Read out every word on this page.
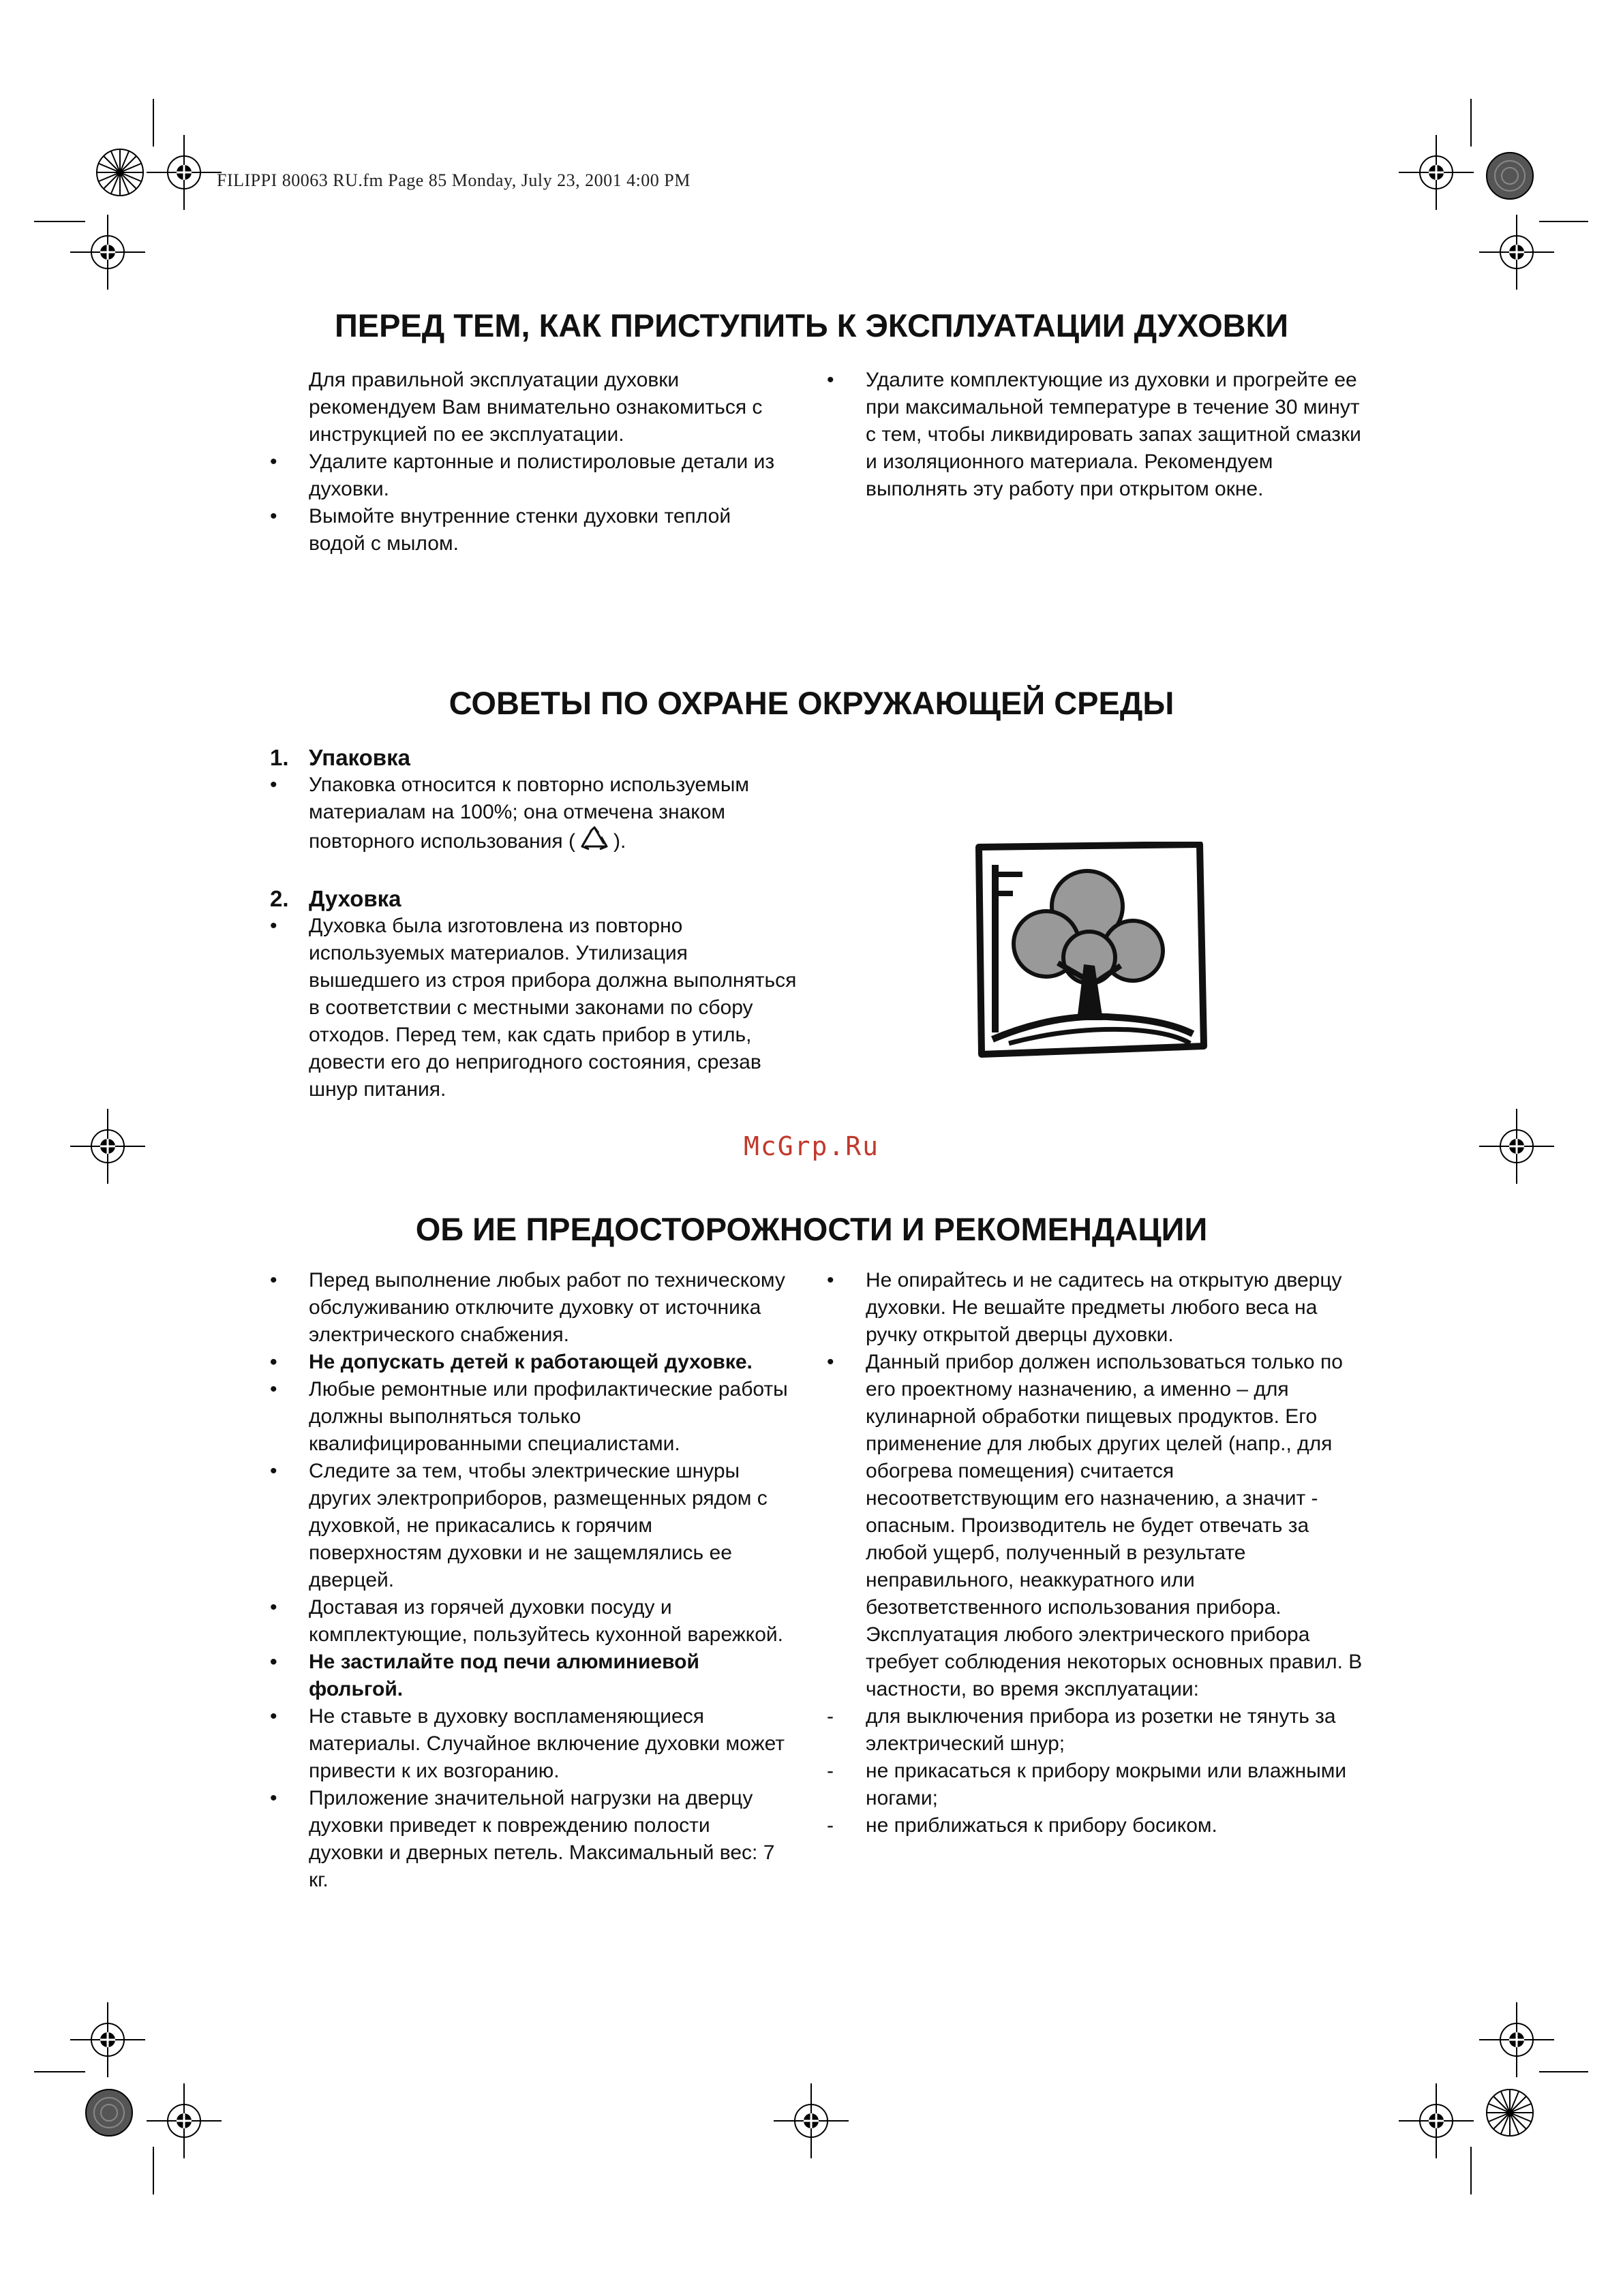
FILIPPI 80063 RU.fm Page 85 Monday, July 23, 2001 4:00 PM
ПЕРЕД ТЕМ, КАК ПРИСТУПИТЬ К ЭКСПЛУАТАЦИИ ДУХОВКИ
Для правильной эксплуатации духовки рекомендуем Вам внимательно ознакомиться с инструкцией по ее эксплуатации.
• Удалите картонные и полистироловые детали из духовки.
• Вымойте внутренние стенки духовки теплой водой с мылом.
• Удалите комплектующие из духовки и прогрейте ее при максимальной температуре в течение 30 минут с тем, чтобы ликвидировать запах защитной смазки и изоляционного материала. Рекомендуем выполнять эту работу при открытом окне.
СОВЕТЫ ПО ОХРАНЕ ОКРУЖАЮЩЕЙ СРЕДЫ
1. Упаковка
• Упаковка относится к повторно используемым материалам на 100%; она отмечена знаком повторного использования ( ).
2. Духовка
• Духовка была изготовлена из повторно используемых материалов. Утилизация вышедшего из строя прибора должна выполняться в соответствии с местными законами по сбору отходов. Перед тем, как сдать прибор в утиль, довести его до непригодного состояния, срезав шнур питания.
McGrp.Ru
ОБ ИЕ ПРЕДОСТОРОЖНОСТИ И РЕКОМЕНДАЦИИ
• Перед выполнение любых работ по техническому обслуживанию отключите духовку от источника электрического снабжения.
• Не допускать детей к работающей духовке.
• Любые ремонтные или профилактические работы должны выполняться только квалифицированными специалистами.
• Следите за тем, чтобы электрические шнуры других электроприборов, размещенных рядом с духовкой, не прикасались к горячим поверхностям духовки и не защемлялись ее дверцей.
• Доставая из горячей духовки посуду и комплектующие, пользуйтесь кухонной варежкой.
• Не застилайте под печи алюминиевой фольгой.
• Не ставьте в духовку воспламеняющиеся материалы. Случайное включение духовки может привести к их возгоранию.
• Приложение значительной нагрузки на дверцу духовки приведет к повреждению полости духовки и дверных петель. Максимальный вес: 7 кг.
• Не опирайтесь и не садитесь на открытую дверцу духовки. Не вешайте предметы любого веса на ручку открытой дверцы духовки.
• Данный прибор должен использоваться только по его проектному назначению, а именно – для кулинарной обработки пищевых продуктов. Его применение для любых других целей (напр., для обогрева помещения) считается несоответствующим его назначению, а значит - опасным. Производитель не будет отвечать за любой ущерб, полученный в результате неправильного, неаккуратного или безответственного использования прибора. Эксплуатация любого электрического прибора требует соблюдения некоторых основных правил. В частности, во время эксплуатации:
- для выключения прибора из розетки не тянуть за электрический шнур;
- не прикасаться к прибору мокрыми или влажными ногами;
- не приближаться к прибору босиком.
